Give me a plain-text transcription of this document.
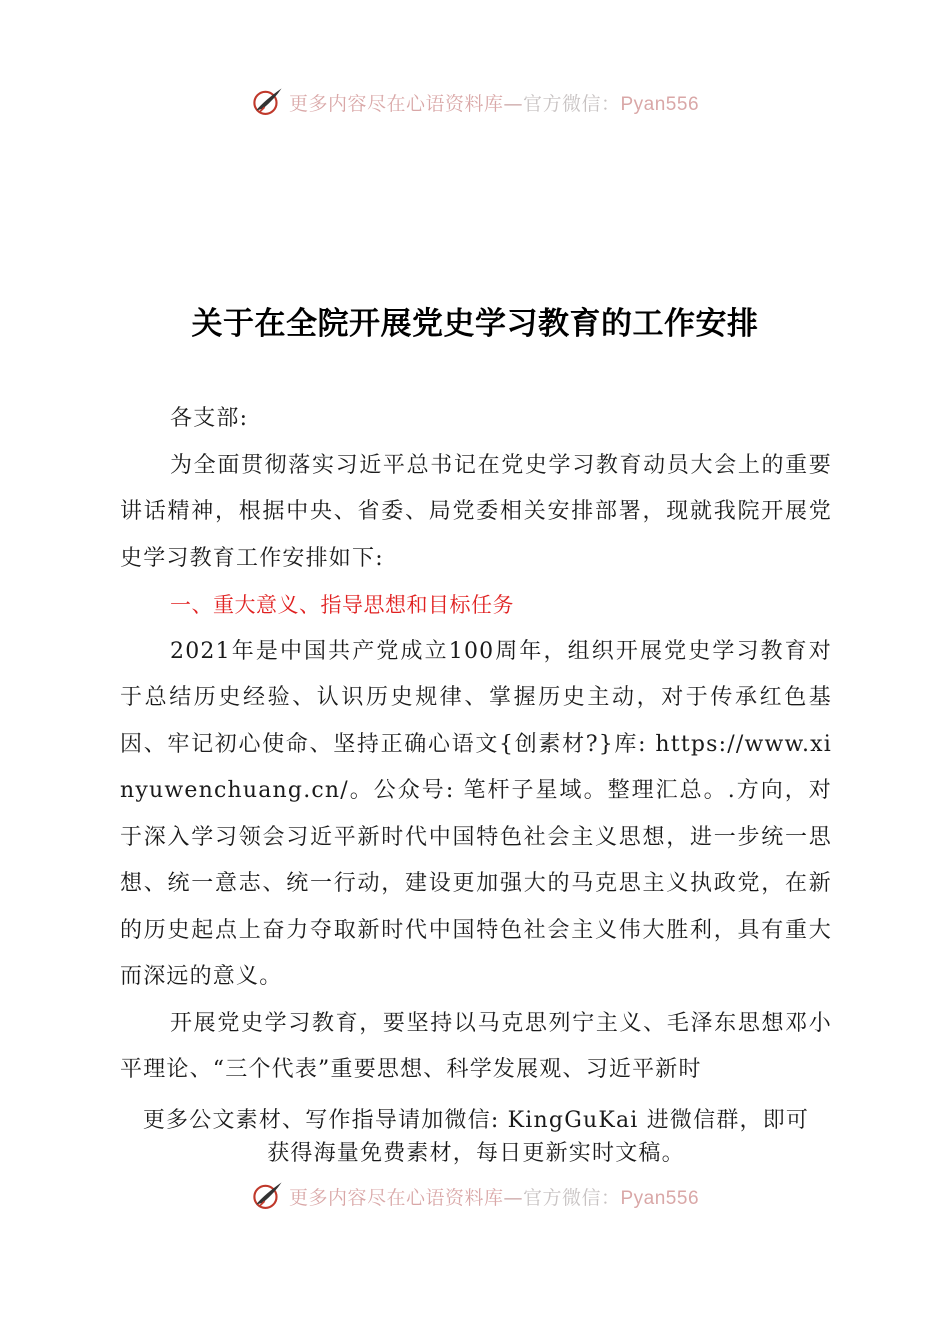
更多内容尽在心语资料库—官方微信：Pyan556
关于在全院开展党史学习教育的工作安排

各支部:

为全面贯彻落实习近平总书记在党史学习教育动员大会上的重要讲话精神，根据中央、省委、局党委相关安排部署，现就我院开展党史学习教育工作安排如下:

一、重大意义、指导思想和目标任务

2021年是中国共产党成立100周年，组织开展党史学习教育对于总结历史经验、认识历史规律、掌握历史主动，对于传承红色基因、牢记初心使命、坚持正确心语文{创素材?}库: https://www.xinyuwenchuang.cn/。公众号: 笔杆子星域。整理汇总。.方向，对于深入学习领会习近平新时代中国特色社会主义思想，进一步统一思想、统一意志、统一行动，建设更加强大的马克思主义执政党，在新的历史起点上奋力夺取新时代中国特色社会主义伟大胜利，具有重大而深远的意义。

开展党史学习教育，要坚持以马克思列宁主义、毛泽东思想邓小平理论、“三个代表”重要思想、科学发展观、习近平新时

更多公文素材、写作指导请加微信: KingGuKai 进微信群，即可

获得海量免费素材，每日更新实时文稿。

更多内容尽在心语资料库—官方微信：Pyan556
